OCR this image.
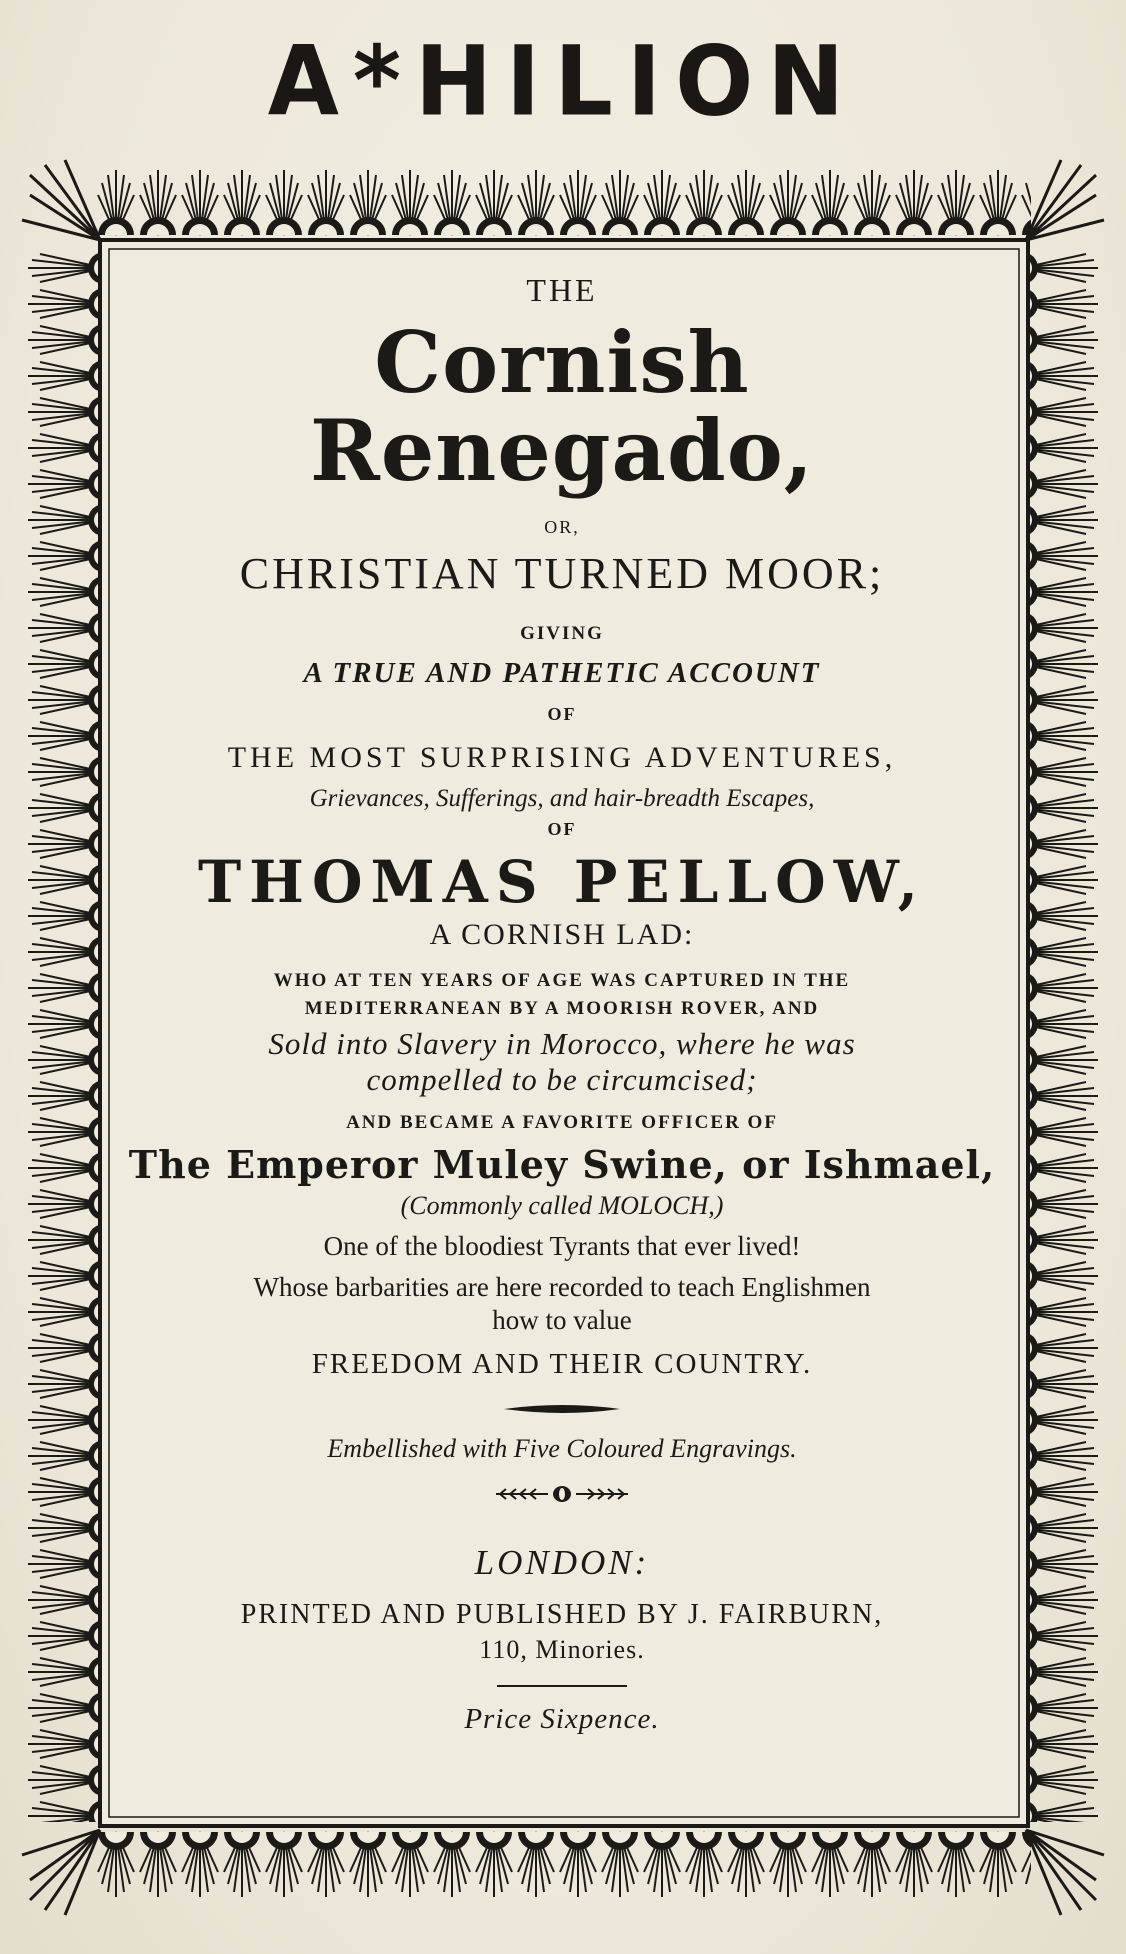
A*HILION
THE
Cornish Renegado,
OR,
CHRISTIAN TURNED MOOR;
GIVING
A TRUE AND PATHETIC ACCOUNT
OF
THE MOST SURPRISING ADVENTURES,
Grievances, Sufferings, and hair-breadth Escapes,
OF
THOMAS PELLOW,
A CORNISH LAD:
WHO AT TEN YEARS OF AGE WAS CAPTURED IN THE
MEDITERRANEAN BY A MOORISH ROVER, AND
Sold into Slavery in Morocco, where he was
compelled to be circumcised;
AND BECAME A FAVORITE OFFICER OF
The Emperor Muley Swine, or Ishmael,
(Commonly called MOLOCH,)
One of the bloodiest Tyrants that ever lived!
Whose barbarities are here recorded to teach Englishmen
how to value
FREEDOM AND THEIR COUNTRY.
Embellished with Five Coloured Engravings.
LONDON:
PRINTED AND PUBLISHED BY J. FAIRBURN,
110, Minories.
Price Sixpence.
